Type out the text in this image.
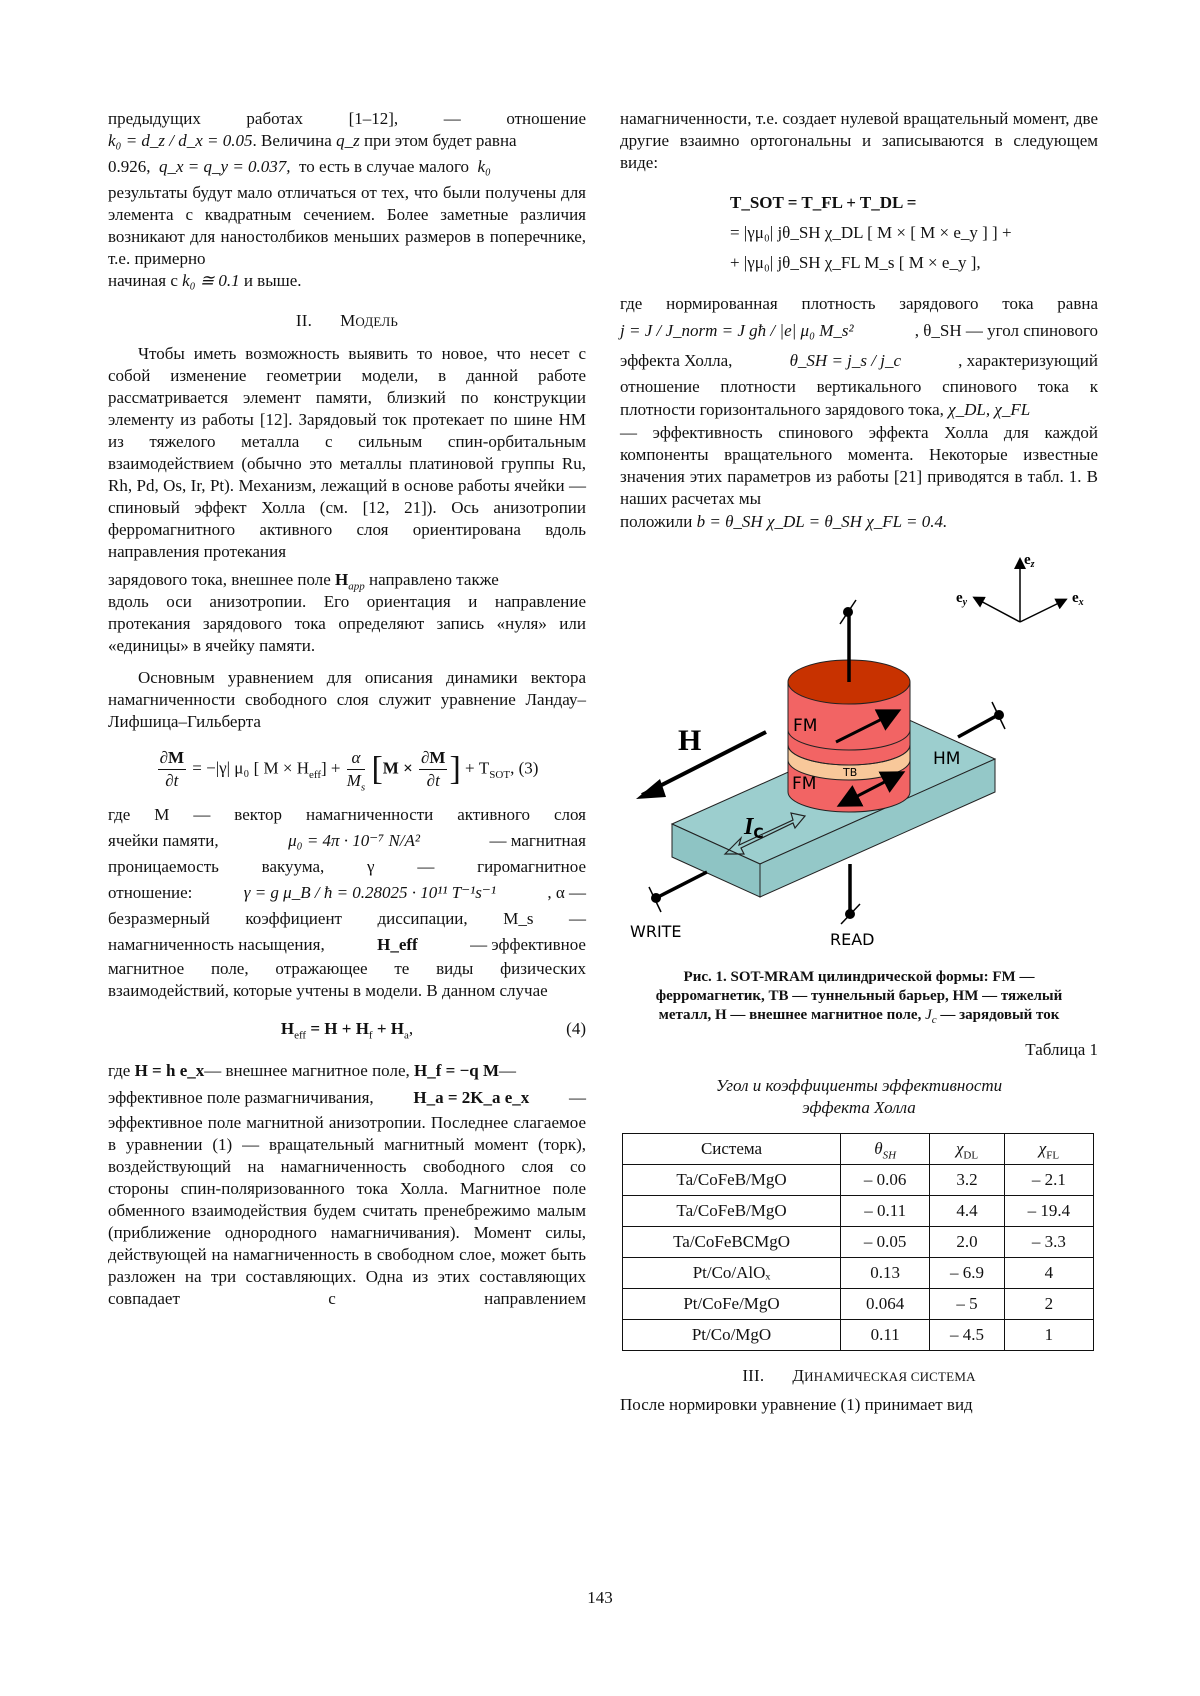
предыдущих работах [1–12], — отношение

k₀ = d_z / d_x = 0.05. Величина q_z при этом будет равна

0.926, q_x = q_y = 0.037, то есть в случае малого k₀

результаты будут мало отличаться от тех, что были получены для элемента с квадратным сечением. Более заметные различия возникают для наностолбиков меньших размеров в поперечнике, т.е. примерно

начиная с k₀ ≅ 0.1 и выше.

II. МОДЕЛЬ

Чтобы иметь возможность выявить то новое, что несет с собой изменение геометрии модели, в данной работе рассматривается элемент памяти, близкий по конструкции элементу из работы [12]. Зарядовый ток протекает по шине HM из тяжелого металла с сильным спин-орбитальным взаимодействием (обычно это металлы платиновой группы Ru, Rh, Pd, Os, Ir, Pt). Механизм, лежащий в основе работы ячейки — спиновый эффект Холла (см. [12, 21]). Ось анизотропии ферромагнитного активного слоя ориентирована вдоль направления протекания

зарядового тока, внешнее поле $H_{app}$ направлено также

вдоль оси анизотропии. Его ориентация и направление протекания зарядового тока определяют запись «нуля» или «единицы» в ячейку памяти.

Основным уравнением для описания динамики вектора намагниченности свободного слоя служит уравнение Ландау–Лифшица–Гильберта

$\frac{\partial M}{\partial t} = -|\gamma|$ μ₀ [ $M \times H_{eff}] + \frac{\alpha}{M_s} [M \times \frac{\partial M}{\partial t}$ ] + $T_{SOT}$, (3)

где M — вектор намагниченности активного слоя

ячейки памяти,	μ₀ = 4π · 10⁻⁷ N/A²	— магнитная

проницаемость вакуума, γ — гиромагнитное

отношение:	γ = g μ_B / ħ = 0.28025 · 10¹¹ T⁻¹s⁻¹	, α —

безразмерный коэффициент диссипации, M_s —

намагниченность насыщения,	H_eff	— эффективное

магнитное поле, отражающее те виды физических взаимодействий, которые учтены в модели. В данном случае

$H_{eff} = H + H_f + H_a$,	(4)

где H = h e_x— внешнее магнитное поле, H_f = −q M—

эффективное поле размагничивания, H_a = 2K_a e_x —

эффективное поле магнитной анизотропии. Последнее слагаемое в уравнении (1) — вращательный магнитный момент (торк), воздействующий на намагниченность свободного слоя со стороны спин-поляризованного тока Холла. Магнитное поле обменного взаимодействия будем считать пренебрежимо малым (приближение однородного намагничивания). Момент силы, действующей на намагниченность в свободном слое, может быть разложен на три составляющих. Одна из этих составляющих совпадает с направлением

намагниченности, т.е. создает нулевой вращательный момент, две другие взаимно ортогональны и записываются в следующем виде:

T_SOT = T_FL + T_DL =
= |γμ₀| jθ_SH χ_DL [ M × [ M × e_y ] ] +
+ |γμ₀| jθ_SH χ_FL M_s [ M × e_y ],

где нормированная плотность зарядового тока равна

j = J / J_norm = J għ / |e| μ₀ M_s²	, θ_SH — угол спинового

эффекта Холла,	θ_SH = j_s / j_c	, характеризующий

отношение плотности вертикального спинового тока к

плотности горизонтального зарядового тока, χ_DL, χ_FL

— эффективность спинового эффекта Холла для каждой компоненты вращательного момента. Некоторые известные значения этих параметров из работы [21] приводятся в табл. 1. В наших расчетах мы

положили b = θ_SH χ_DL = θ_SH χ_FL = 0.4.

$e_z$
$e_y$	$e_x$
H	FM
FM
TB
HM
IC
WRITE	READ
Рис. 1. SOT-MRAM цилиндрической формы: FM — ферромагнетик, TB — туннельный барьер, HM — тяжелый металл, H — внешнее магнитное поле, $J_c$ — зарядовый ток
Таблица 1
Угол и коэффициенты эффективности
эффекта Холла
Система	$\theta_{SH}$	$\chi_{DL}$	$\chi_{FL}$
Ta/CoFeB/MgO	– 0.06	3.2	– 2.1
Ta/CoFeB/MgO	– 0.11	4.4	– 19.4
Ta/CoFeBCMgO	– 0.05	2.0	– 3.3
Pt/Co/AlOₓ	0.13	– 6.9	4
Pt/CoFe/MgO	0.064	– 5	2
Pt/Co/MgO	0.11	– 4.5	1
III. ДИНАМИЧЕСКАЯ СИСТЕМА

После нормировки уравнение (1) принимает вид

143
